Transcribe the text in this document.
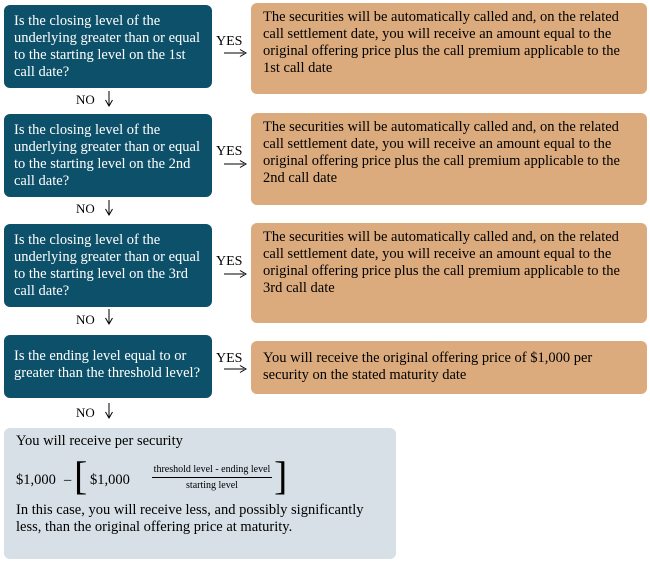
Is the closing level of the underlying greater than or equal to the starting level on the 1st call date?
YES
The securities will be automatically called and, on the related call settlement date, you will receive an amount equal to the original offering price plus the call premium applicable to the 1st call date
NO
Is the closing level of the underlying greater than or equal to the starting level on the 2nd call date?
YES
The securities will be automatically called and, on the related call settlement date, you will receive an amount equal to the original offering price plus the call premium applicable to the 2nd call date
NO
Is the closing level of the underlying greater than or equal to the starting level on the 3rd call date?
YES
The securities will be automatically called and, on the related call settlement date, you will receive an amount equal to the original offering price plus the call premium applicable to the 3rd call date
NO
Is the ending level equal to or greater than the threshold level?
YES	You will receive the original offering price of $1,000 per security on the stated maturity date
NO
You will receive per security
$1,000 – [ $1,000
threshold level - ending level
starting level ]
In this case, you will receive less, and possibly significantly less, than the original offering price at maturity.
